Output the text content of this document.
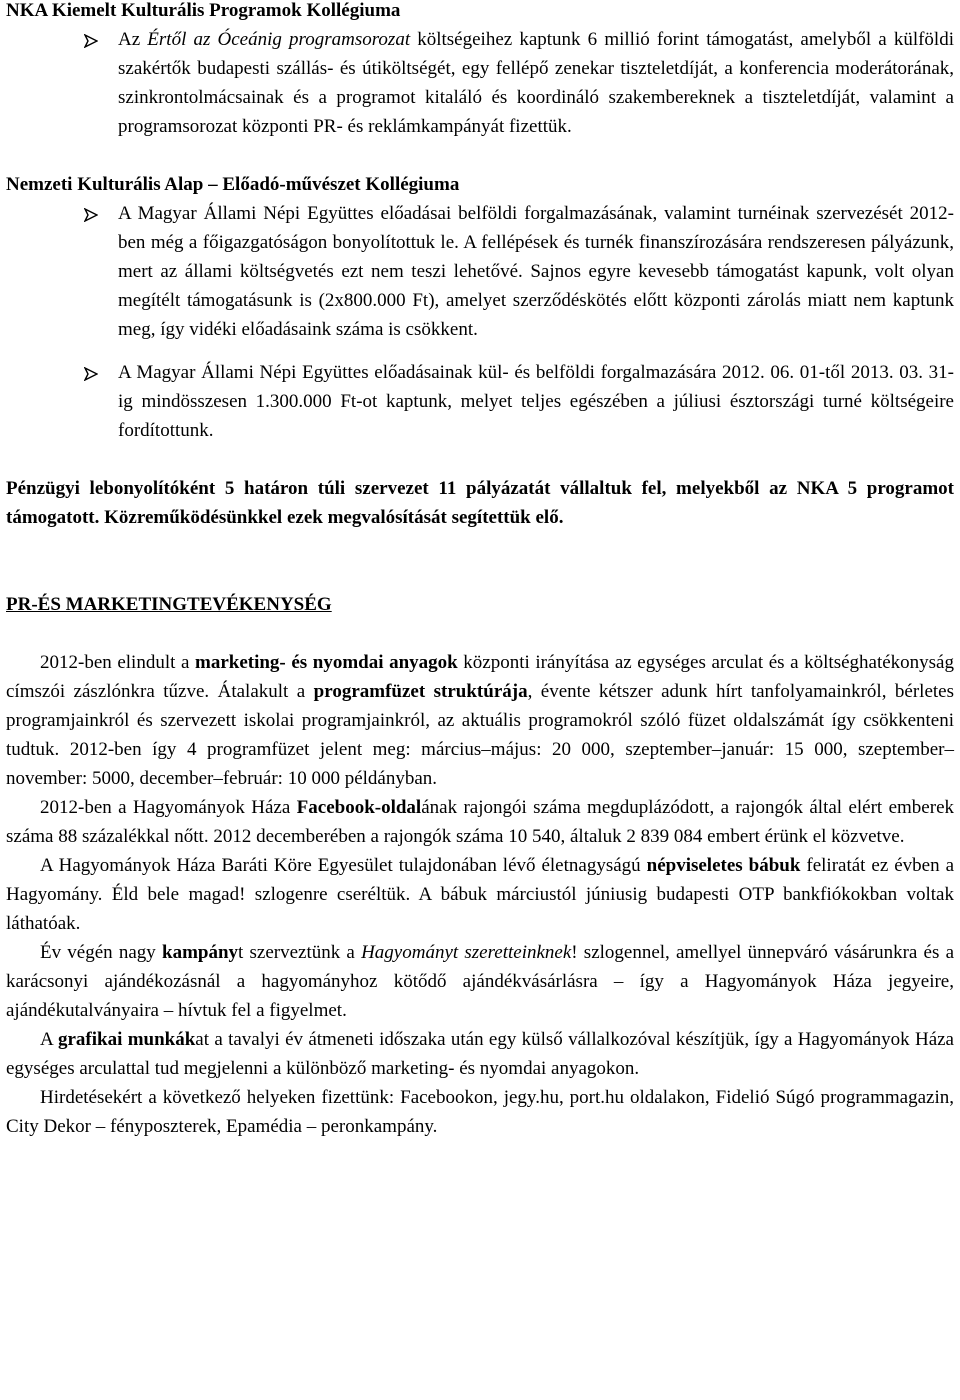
NKA Kiemelt Kulturális Programok Kollégiuma

Az Értől az Óceánig programsorozat költségeihez kaptunk 6 millió forint támogatást, amelyből a külföldi szakértők budapesti szállás- és útiköltségét, egy fellépő zenekar tiszteletdíját, a konferencia moderátorának, szinkrontolmácsainak és a programot kitaláló és koordináló szakembereknek a tiszteletdíját, valamint a programsorozat központi PR- és reklámkampányát fizettük.

Nemzeti Kulturális Alap – Előadó-művészet Kollégiuma

A Magyar Állami Népi Együttes előadásai belföldi forgalmazásának, valamint turnéinak szervezését 2012-ben még a főigazgatóságon bonyolítottuk le. A fellépések és turnék finanszírozására rendszeresen pályázunk, mert az állami költségvetés ezt nem teszi lehetővé. Sajnos egyre kevesebb támogatást kapunk, volt olyan megítélt támogatásunk is (2x800.000 Ft), amelyet szerződéskötés előtt központi zárolás miatt nem kaptunk meg, így vidéki előadásaink száma is csökkent.
A Magyar Állami Népi Együttes előadásainak kül- és belföldi forgalmazására 2012. 06. 01-től 2013. 03. 31-ig mindösszesen 1.300.000 Ft-ot kaptunk, melyet teljes egészében a júliusi észtországi turné költségeire fordítottunk.

Pénzügyi lebonyolítóként 5 határon túli szervezet 11 pályázatát vállaltuk fel, melyekből az NKA 5 programot támogatott. Közreműködésünkkel ezek megvalósítását segítettük elő.

PR-ÉS MARKETINGTEVÉKENYSÉG

2012-ben elindult a marketing- és nyomdai anyagok központi irányítása az egységes arculat és a költséghatékonyság címszói zászlónkra tűzve. Átalakult a programfüzet struktúrája, évente kétszer adunk hírt tanfolyamainkról, bérletes programjainkról és szervezett iskolai programjainkról, az aktuális programokról szóló füzet oldalszámát így csökkenteni tudtuk. 2012-ben így 4 programfüzet jelent meg: március–május: 20 000, szeptember–január: 15 000, szeptember–november: 5000, december–február: 10 000 példányban.

2012-ben a Hagyományok Háza Facebook-oldalának rajongói száma megduplázódott, a rajongók által elért emberek száma 88 százalékkal nőtt. 2012 decemberében a rajongók száma 10 540, általuk 2 839 084 embert érünk el közvetve.

A Hagyományok Háza Baráti Köre Egyesület tulajdonában lévő életnagyságú népviseletes bábuk feliratát ez évben a Hagyomány. Éld bele magad! szlogenre cseréltük. A bábuk márciustól júniusig budapesti OTP bankfiókokban voltak láthatóak.

Év végén nagy kampányt szerveztünk a Hagyományt szeretteinknek! szlogennel, amellyel ünnepváró vásárunkra és a karácsonyi ajándékozásnál a hagyományhoz kötődő ajándékvásárlásra – így a Hagyományok Háza jegyeire, ajándékutalványaira – hívtuk fel a figyelmet.

A grafikai munkákat a tavalyi év átmeneti időszaka után egy külső vállalkozóval készítjük, így a Hagyományok Háza egységes arculattal tud megjelenni a különböző marketing- és nyomdai anyagokon.

Hirdetésekért a következő helyeken fizettünk: Facebookon, jegy.hu, port.hu oldalakon, Fidelió Súgó programmagazin, City Dekor – fényposzterek, Epamédia – peronkampány.
